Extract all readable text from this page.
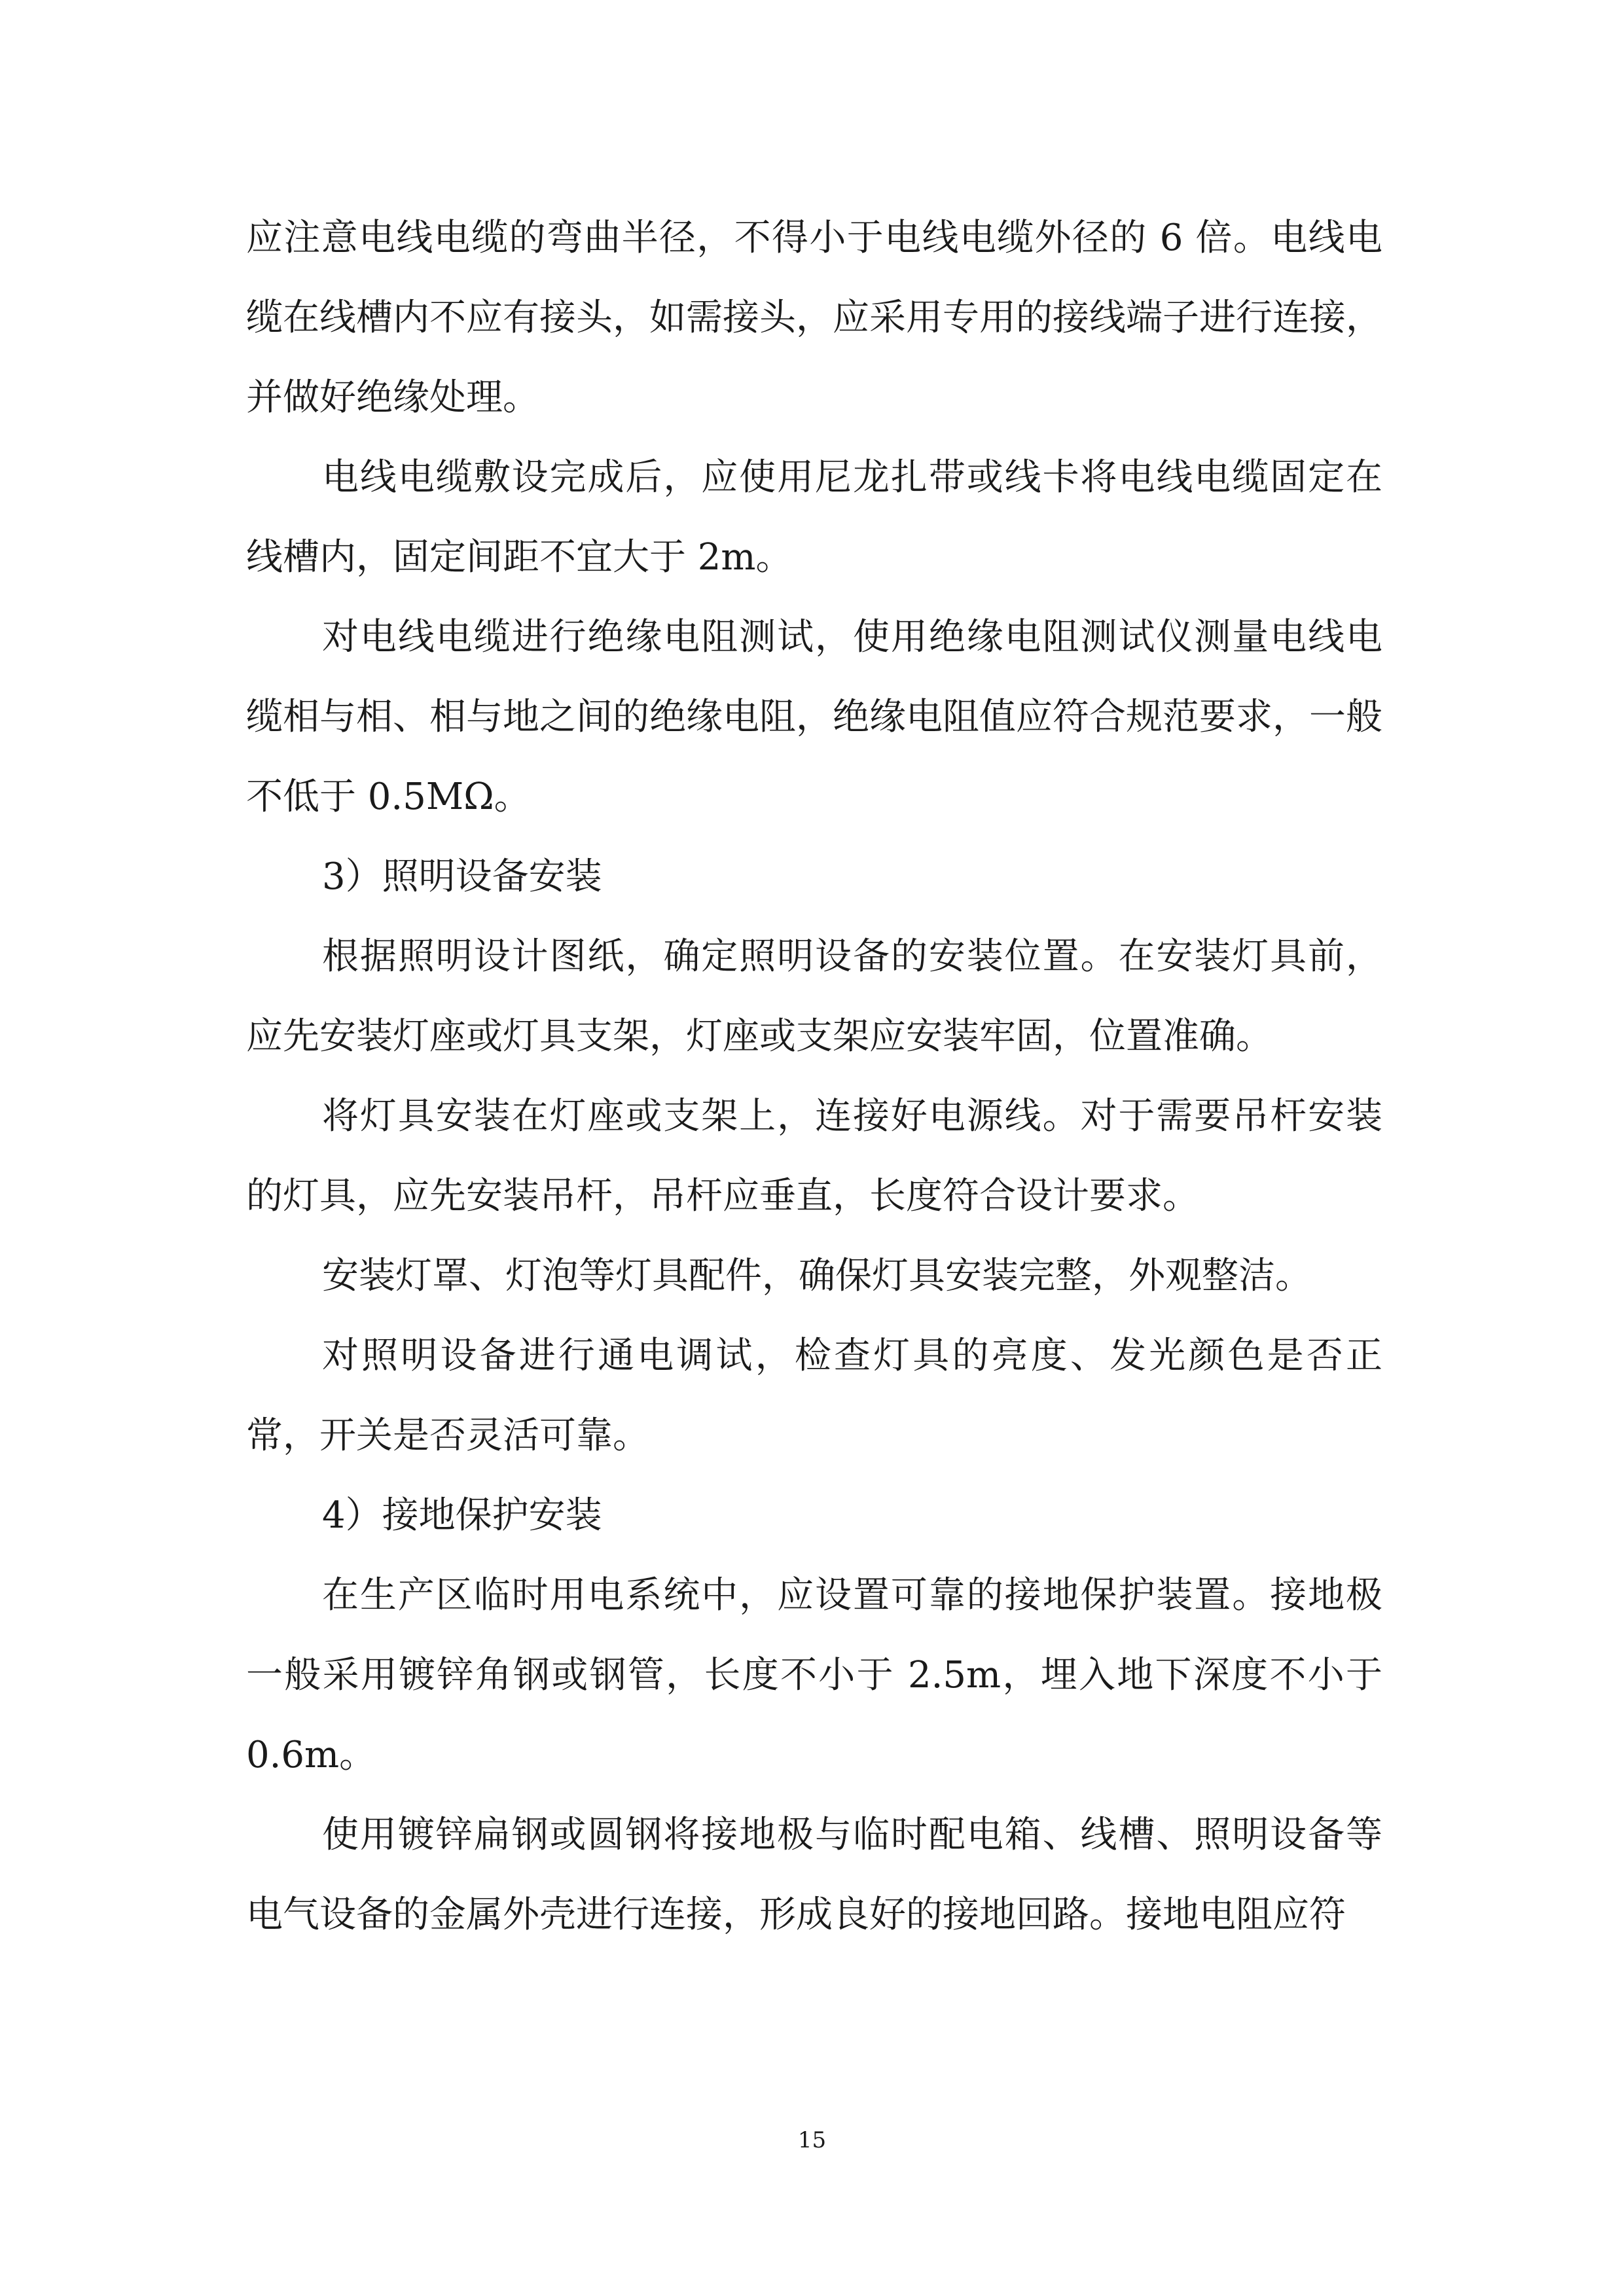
应注意电线电缆的弯曲半径，不得小于电线电缆外径的 6 倍。电线电缆在线槽内不应有接头，如需接头，应采用专用的接线端子进行连接，并做好绝缘处理。

电线电缆敷设完成后，应使用尼龙扎带或线卡将电线电缆固定在线槽内，固定间距不宜大于 2m。

对电线电缆进行绝缘电阻测试，使用绝缘电阻测试仪测量电线电缆相与相、相与地之间的绝缘电阻，绝缘电阻值应符合规范要求，一般不低于 0.5MΩ。

3）照明设备安装

根据照明设计图纸，确定照明设备的安装位置。在安装灯具前，应先安装灯座或灯具支架，灯座或支架应安装牢固，位置准确。

将灯具安装在灯座或支架上，连接好电源线。对于需要吊杆安装的灯具，应先安装吊杆，吊杆应垂直，长度符合设计要求。

安装灯罩、灯泡等灯具配件，确保灯具安装完整，外观整洁。

对照明设备进行通电调试，检查灯具的亮度、发光颜色是否正常，开关是否灵活可靠。

4）接地保护安装

在生产区临时用电系统中，应设置可靠的接地保护装置。接地极一般采用镀锌角钢或钢管，长度不小于 2.5m，埋入地下深度不小于 0.6m。

使用镀锌扁钢或圆钢将接地极与临时配电箱、线槽、照明设备等电气设备的金属外壳进行连接，形成良好的接地回路。接地电阻应符

15
